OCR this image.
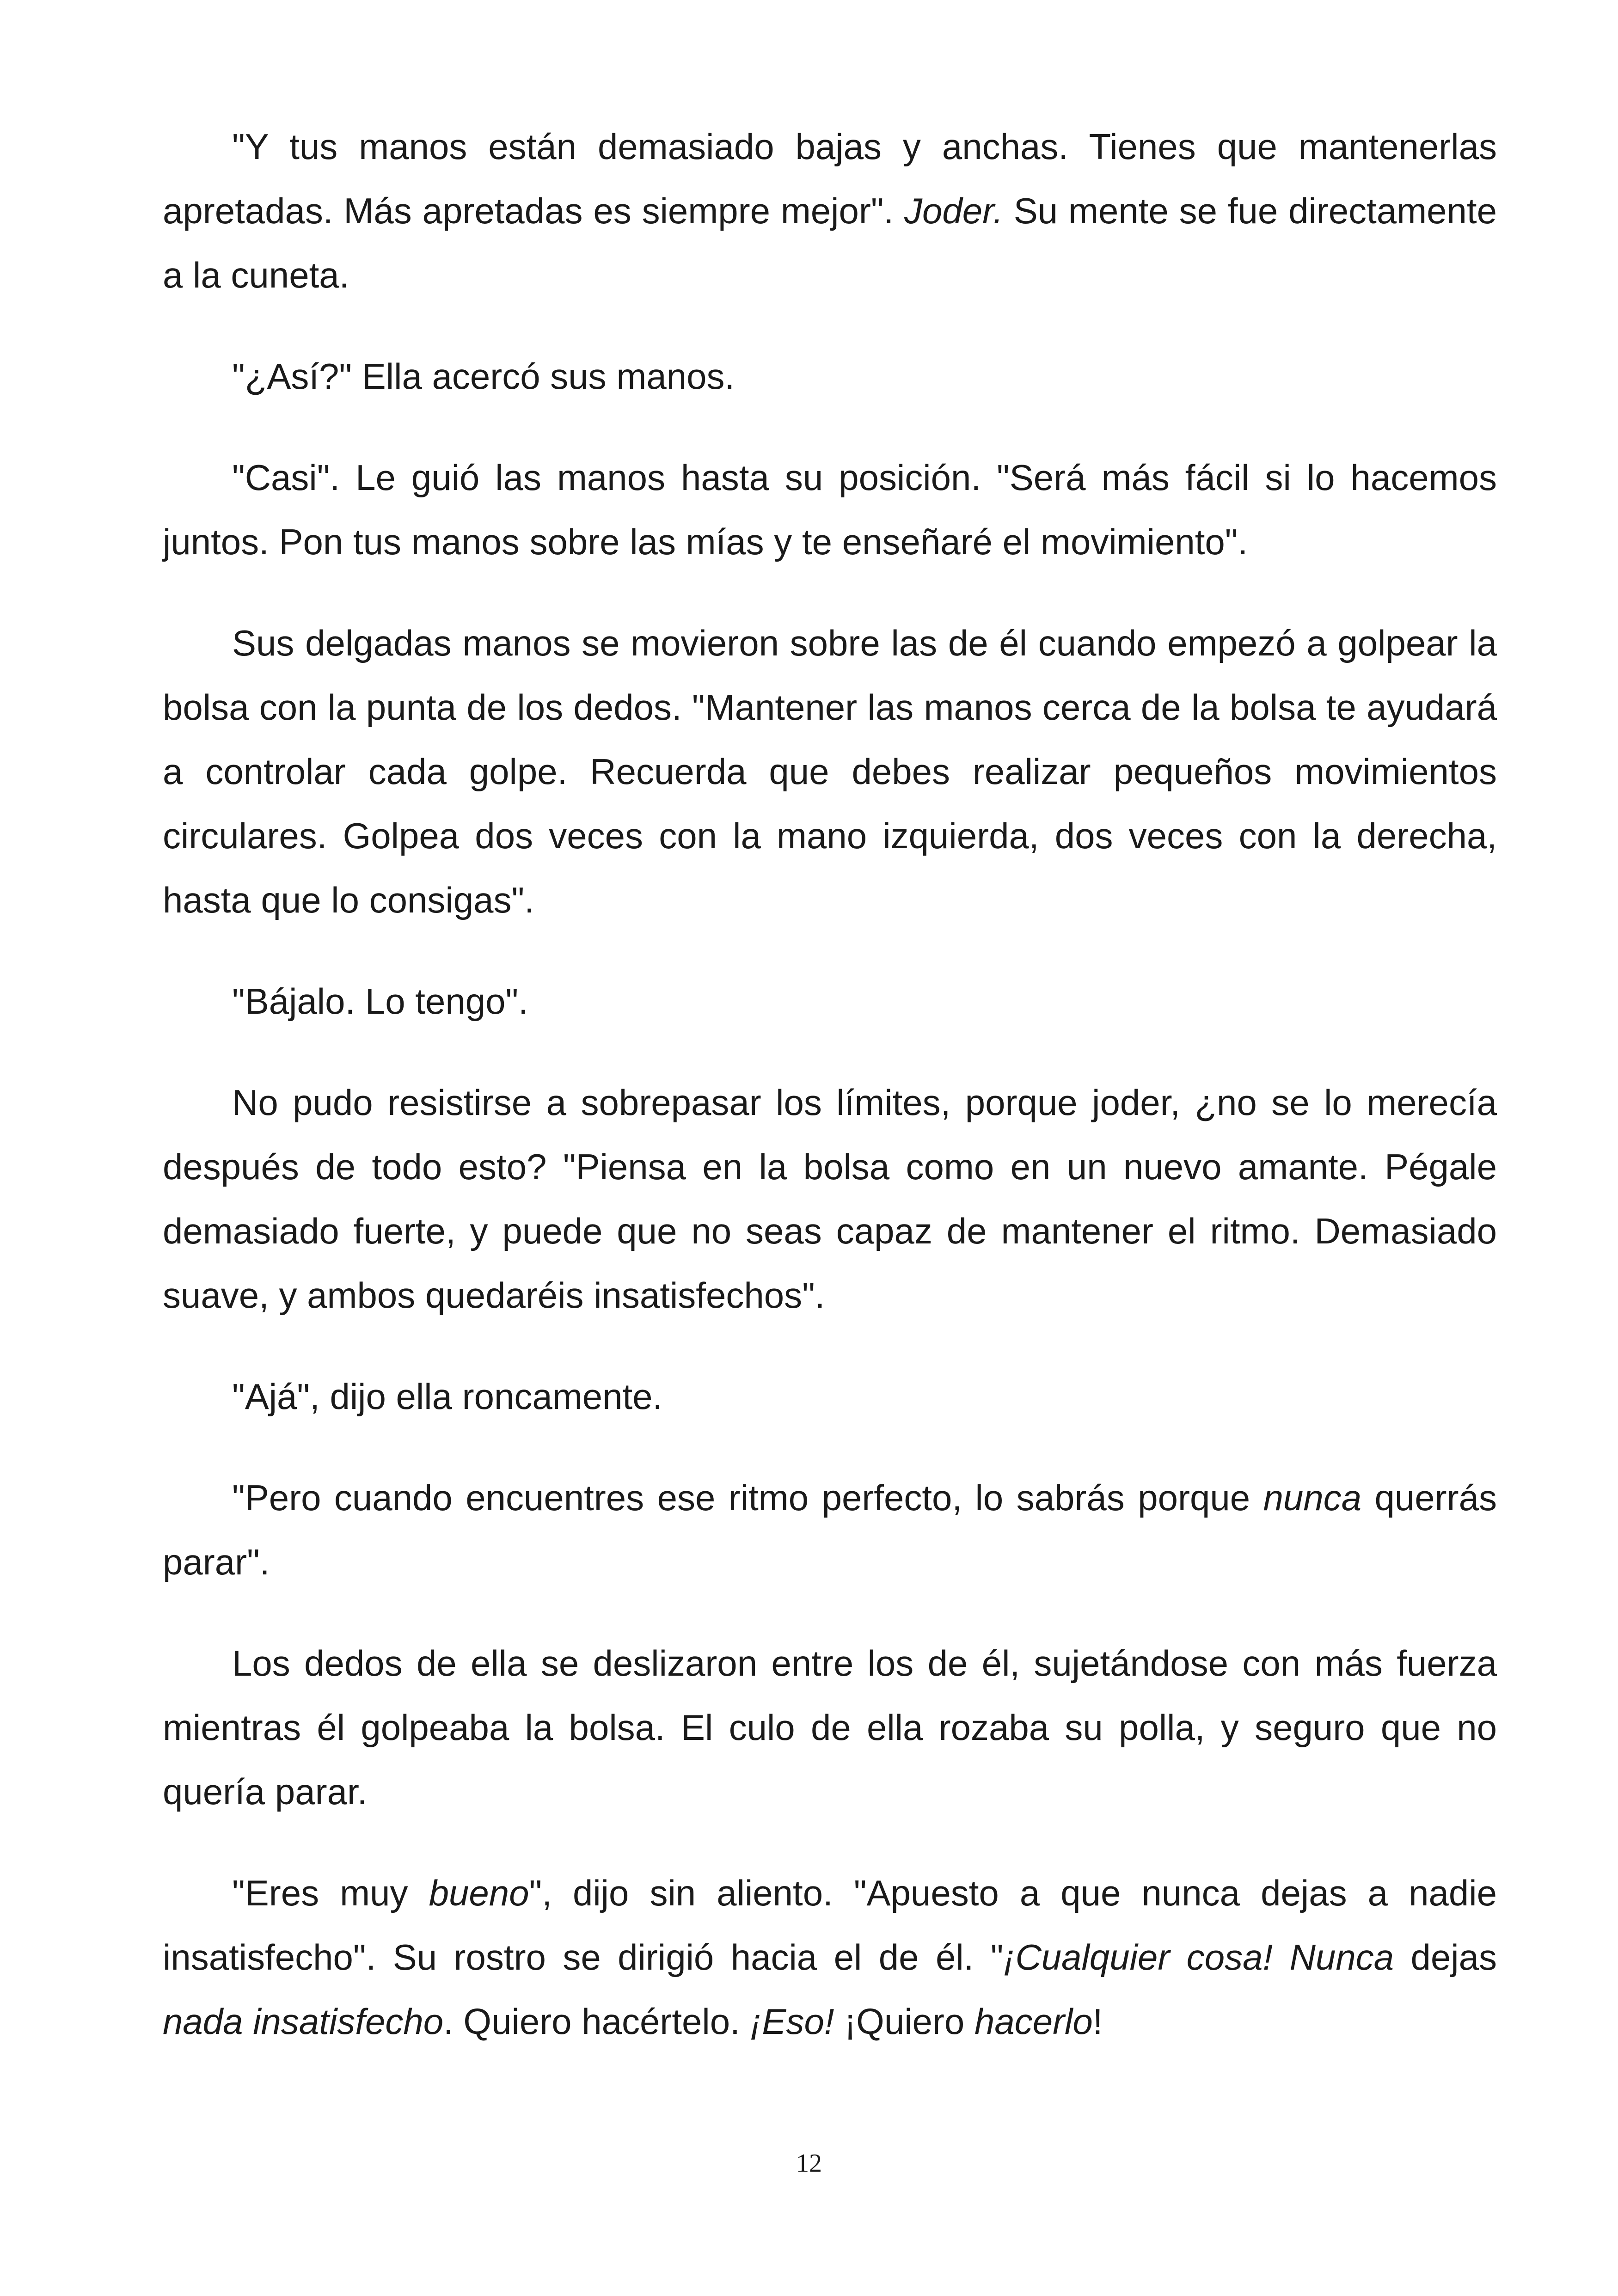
"Y tus manos están demasiado bajas y anchas. Tienes que mantenerlas apretadas. Más apretadas es siempre mejor". Joder. Su mente se fue directamente a la cuneta.

"¿Así?" Ella acercó sus manos.

"Casi". Le guió las manos hasta su posición. "Será más fácil si lo hacemos juntos. Pon tus manos sobre las mías y te enseñaré el movimiento".

Sus delgadas manos se movieron sobre las de él cuando empezó a golpear la bolsa con la punta de los dedos. "Mantener las manos cerca de la bolsa te ayudará a controlar cada golpe. Recuerda que debes realizar pequeños movimientos circulares. Golpea dos veces con la mano izquierda, dos veces con la derecha, hasta que lo consigas".

"Bájalo. Lo tengo".

No pudo resistirse a sobrepasar los límites, porque joder, ¿no se lo merecía después de todo esto? "Piensa en la bolsa como en un nuevo amante. Pégale demasiado fuerte, y puede que no seas capaz de mantener el ritmo. Demasiado suave, y ambos quedaréis insatisfechos".

"Ajá", dijo ella roncamente.

"Pero cuando encuentres ese ritmo perfecto, lo sabrás porque nunca querrás parar".

Los dedos de ella se deslizaron entre los de él, sujetándose con más fuerza mientras él golpeaba la bolsa. El culo de ella rozaba su polla, y seguro que no quería parar.

"Eres muy bueno", dijo sin aliento. "Apuesto a que nunca dejas a nadie insatisfecho". Su rostro se dirigió hacia el de él. "¡Cualquier cosa! Nunca dejas nada insatisfecho. Quiero hacértelo. ¡Eso! ¡Quiero hacerlo!

12
